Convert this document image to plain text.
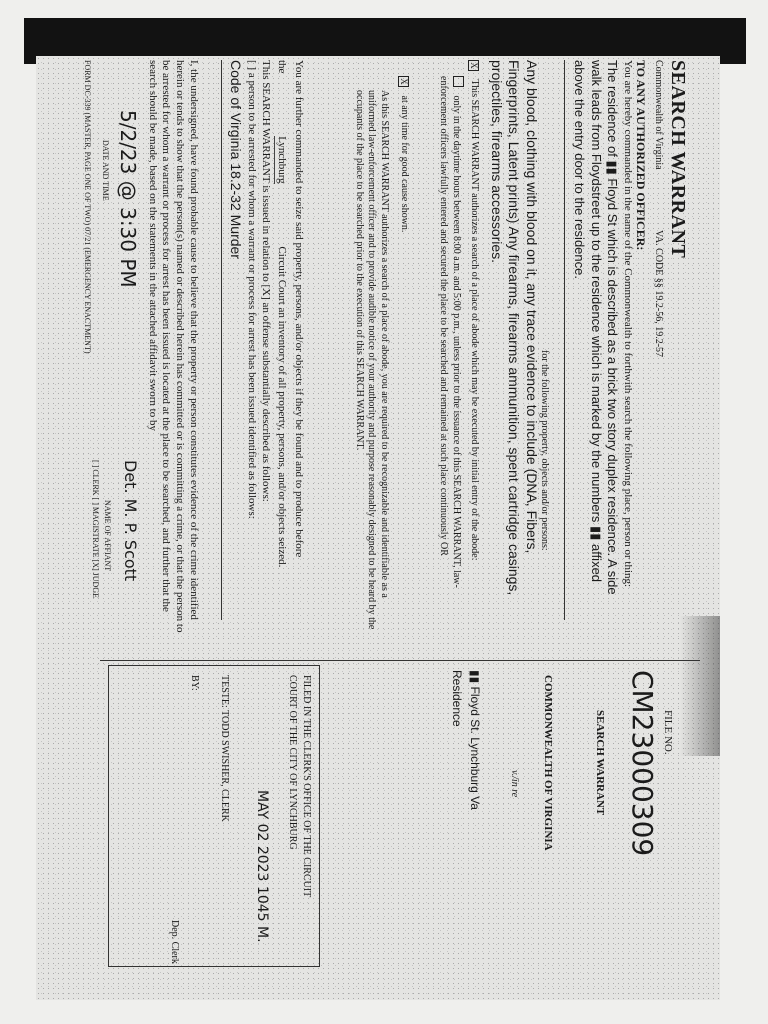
SEARCH WARRANT
Commonwealth of Virginia
VA. CODE §§ 19.2-56, 19.2-57
TO ANY AUTHORIZED OFFICER:
You are hereby commanded in the name of the Commonwealth to forthwith search the following place, person or thing:
The residence of ▮▮ Floyd St which is described as a brick two story duplex residence. A side walk leads from Floydstreet up to the residence which is marked by the numbers ▮▮ affixed above the entry door to the residence.
for the following property, objects and/or persons:
Any blood, clothing with blood on it, any trace evidence to include (DNA, Fibers, Fingerprints, Latent prints) Any firearms, firearms ammunition, spent cartridge casings, projectiles, firearms accessories.
X This SEARCH WARRANT authorizes a search of a place of abode which may be executed by initial entry of the abode:
only in the daytime hours between 8:00 a.m. and 5:00 p.m., unless prior to the issuance of this SEARCH WARRANT, law-enforcement officers lawfully entered and secured the place to be searched and remained at such place continuously OR
X at any time for good cause shown.
As this SEARCH WARRANT authorizes a search of a place of abode, you are required to be recognizable and identifiable as a uniformed law-enforcement officer and to provide audible notice of your authority and purpose reasonably designed to be heard by the occupants of the place to be searched prior to the execution of this SEARCH WARRANT.
You are further commanded to seize said property, persons, and/or objects if they be found and to produce before
the Lynchburg Circuit Court an inventory of all property, persons, and/or objects seized.
This SEARCH WARRANT is issued in relation to [X] an offense substantially described as follows:
[ ] a person to be arrested for whom a warrant or process for arrest has been issued identified as follows:
Code of Virginia 18.2-32 Murder
I, the undersigned, have found probable cause to believe that the property or person constitutes evidence of the crime identified herein or tends to show that the person(s) named or described herein has committed or is committing a crime, or that the person to be arrested for whom a warrant or process for arrest has been issued is located at the place to be searched, and further that the search should be made, based on the statements in the attached affidavit sworn to by
5/2/23 @ 3:30 PM
DATE AND TIME
Det. M. P. Scott
NAME OF AFFIANT
[ ] CLERK [ ] MAGISTRATE [X] JUDGE
FORM DC-339 (MASTER, PAGE ONE OF TWO) 07/21 (EMERGENCY ENACTMENT)
FILE NO.
CM23000309
SEARCH WARRANT
COMMONWEALTH OF VIRGINIA
v./in re
▮▮ Floyd St. Lynchburg Va
Residence
FILED IN THE CLERK'S OFFICE OF THE CIRCUIT
COURT OF THE CITY OF LYNCHBURG
MAY 02 2023 1045 M.
TESTE: TODD SWISHER, CLERK
BY:
Dep. Clerk
